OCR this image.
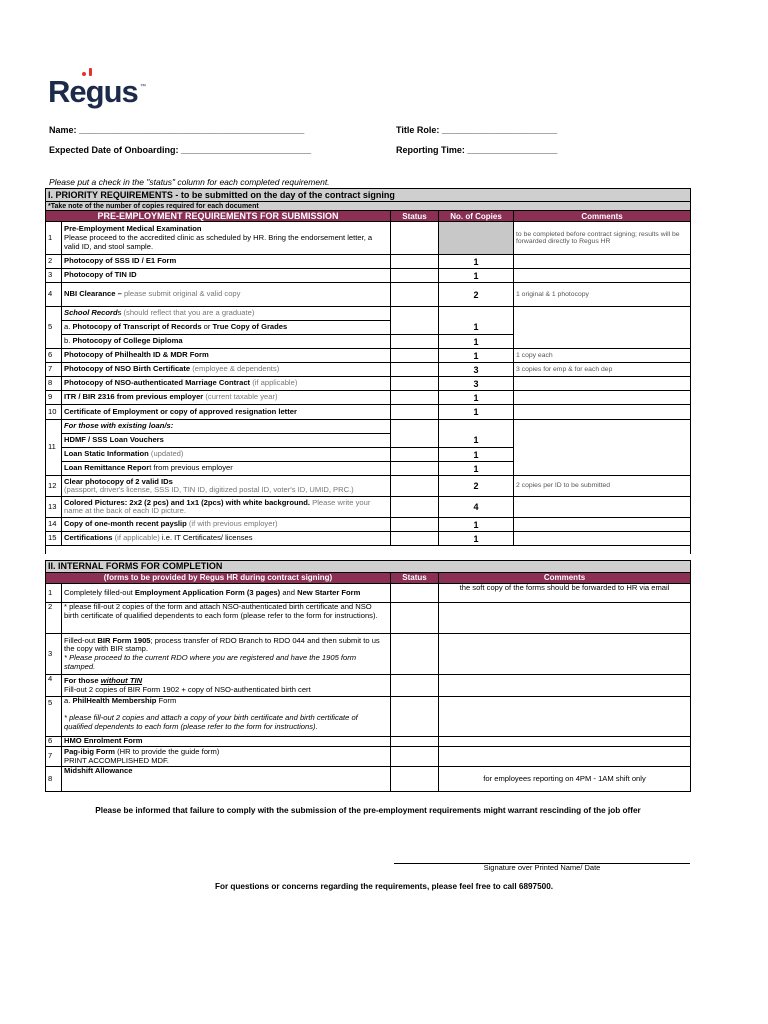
Regus ™
Name: _____________________________________________	Title Role: _______________________
Expected Date of Onboarding: __________________________	Reporting Time: __________________
Please put a check in the "status" column for each completed requirement.
I. PRIORITY REQUIREMENTS - to be submitted on the day of the contract signing				
*Take note of the number of copies required for each document				
PRE-EMPLOYMENT REQUIREMENTS FOR SUBMISSION		Status	No. of Copies	Comments
1	Pre-Employment Medical Examination
Please proceed to the accredited clinic as scheduled by HR. Bring the endorsement letter, a valid ID, and stool sample.			to be completed before contract signing; results will be forwarded directly to Regus HR
2	Photocopy of SSS ID / E1 Form		1	
3	Photocopy of TIN ID		1	
4	NBI Clearance – please submit original & valid copy		2	1 original & 1 photocopy
5	School Records (should reflect that you are a graduate)			
	a. Photocopy of Transcript of Records or True Copy of Grades		1	
	b. Photocopy of College Diploma		1	
6	Photocopy of Philhealth ID & MDR Form		1	1 copy each
7	Photocopy of NSO Birth Certificate (employee & dependents)		3	3 copies for emp & for each dep
8	Photocopy of NSO-authenticated Marriage Contract (if applicable)		3	
9	ITR / BIR 2316 from previous employer (current taxable year)		1	
10	Certificate of Employment or copy of approved resignation letter		1	
11	For those with existing loan/s:			
	HDMF / SSS Loan Vouchers		1	
	Loan Static Information (updated)		1	
	Loan Remittance Report from previous employer		1	
12	Clear photocopy of 2 valid IDs
(passport, driver's license, SSS ID, TIN ID, digitized postal ID, voter's ID, UMID, PRC.)		2	2 copies per ID to be submitted
13	Colored Pictures: 2x2 (2 pcs) and 1x1 (2pcs) with white background. Please write your name at the back of each ID picture.		4	
14	Copy of one-month recent payslip (if with previous employer)		1	
15	Certifications (if applicable) i.e. IT Certificates/ licenses		1	

II. INTERNAL FORMS FOR COMPLETION			
(forms to be provided by Regus HR during contract signing)		Status	Comments
1	Completely filled-out Employment Application Form (3 pages) and New Starter Form		the soft copy of the forms should be forwarded to HR via email
2	* please fill-out 2 copies of the form and attach NSO-authenticated birth certificate and NSO birth certificate of qualified dependents to each form (please refer to the form for instructions).		
3	Filled-out BIR Form 1905; process transfer of RDO Branch to RDO 044 and then submit to us the copy with BIR stamp.
* Please proceed to the current RDO where you are registered and have the 1905 form stamped.		
4	For those without TIN
Fill-out 2 copies of BIR Form 1902 + copy of NSO-authenticated birth cert		
5	a. PhilHealth Membership Form

* please fill-out 2 copies and attach a copy of your birth certificate and birth certificate of qualified dependents to each form (please refer to the form for instructions).		
6	HMO Enrolment Form		
7	Pag-ibig Form (HR to provide the guide form)
PRINT ACCOMPLISHED MDF.		
8	Midshift Allowance		for employees reporting on 4PM - 1AM shift only
Please be informed that failure to comply with the submission of the pre-employment requirements might warrant rescinding of the job offer
Signature over Printed Name/ Date
For questions or concerns regarding the requirements, please feel free to call 6897500.
